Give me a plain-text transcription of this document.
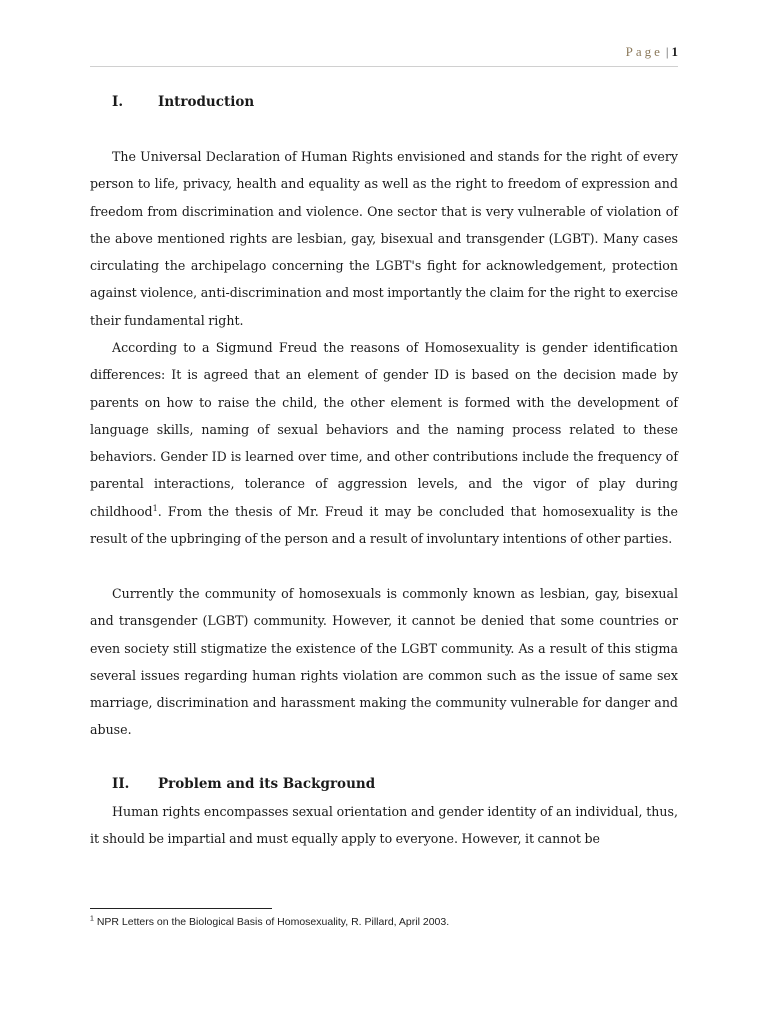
Page | 1
I.	Introduction

The Universal Declaration of Human Rights envisioned and stands for the right of every person to life, privacy, health and equality as well as the right to freedom of expression and freedom from discrimination and violence. One sector that is very vulnerable of violation of the above mentioned rights are lesbian, gay, bisexual and transgender (LGBT). Many cases circulating the archipelago concerning the LGBT's fight for acknowledgement, protection against violence, anti-discrimination and most importantly the claim for the right to exercise their fundamental right.

According to a Sigmund Freud the reasons of Homosexuality is gender identification differences: It is agreed that an element of gender ID is based on the decision made by parents on how to raise the child, the other element is formed with the development of language skills, naming of sexual behaviors and the naming process related to these behaviors. Gender ID is learned over time, and other contributions include the frequency of parental interactions, tolerance of aggression levels, and the vigor of play during childhood$^1$. From the thesis of Mr. Freud it may be concluded that homosexuality is the result of the upbringing of the person and a result of involuntary intentions of other parties.

Currently the community of homosexuals is commonly known as lesbian, gay, bisexual and transgender (LGBT) community. However, it cannot be denied that some countries or even society still stigmatize the existence of the LGBT community. As a result of this stigma several issues regarding human rights violation are common such as the issue of same sex marriage, discrimination and harassment making the community vulnerable for danger and abuse.

II. Problem and its Background

Human rights encompasses sexual orientation and gender identity of an individual, thus, it should be impartial and must equally apply to everyone. However, it cannot be

$^1$ NPR Letters on the Biological Basis of Homosexuality, R. Pillard, April 2003.
